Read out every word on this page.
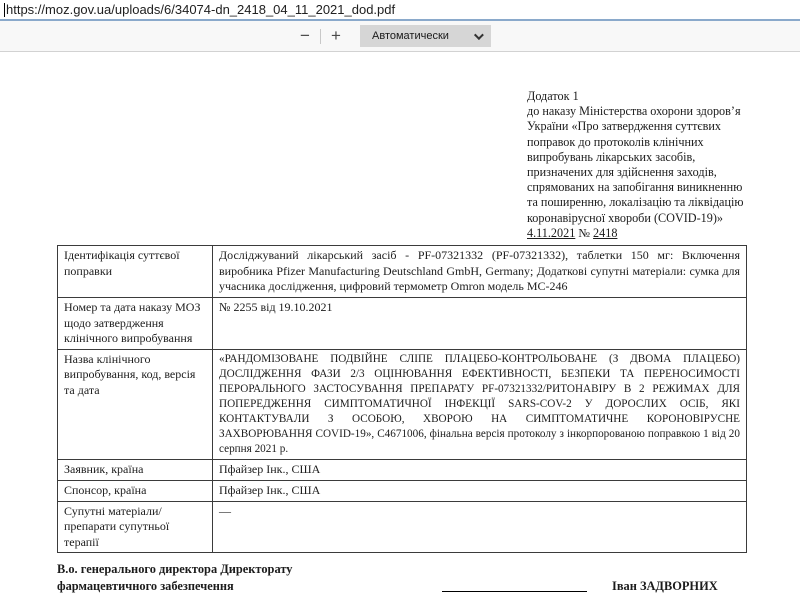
https://moz.gov.ua/uploads/6/34074-dn_2418_04_11_2021_dod.pdf
−	+	Автоматически
Додаток 1
до наказу Міністерства охорони здоров’я
України «Про затвердження суттєвих
поправок до протоколів клінічних
випробувань лікарських засобів,
призначених для здійснення заходів,
спрямованих на запобігання виникненню
та поширенню, локалізацію та ліквідацію
коронавірусної хвороби (COVID-19)»
4.11.2021 № 2418
Ідентифікація суттєвої поправки	Досліджуваний лікарський засіб - PF-07321332 (PF-07321332), таблетки 150 мг: Включення виробника Pfizer Manufacturing Deutschland GmbH, Germany; Додаткові супутні матеріали: сумка для учасника дослідження, цифровий термометр Omron модель MC-246
Номер та дата наказу МОЗ щодо затвердження клінічного випробування	№ 2255 від 19.10.2021
Назва клінічного випробування, код, версія та дата	«РАНДОМІЗОВАНЕ ПОДВІЙНЕ СЛІПЕ ПЛАЦЕБО-КОНТРОЛЬОВАНЕ (З ДВОМА ПЛАЦЕБО) ДОСЛІДЖЕННЯ ФАЗИ 2/3 ОЦІНЮВАННЯ ЕФЕКТИВНОСТІ, БЕЗПЕКИ ТА ПЕРЕНОСИМОСТІ ПЕРОРАЛЬНОГО ЗАСТОСУВАННЯ ПРЕПАРАТУ PF-07321332/РИТОНАВІРУ В 2 РЕЖИМАХ ДЛЯ ПОПЕРЕДЖЕННЯ СИМПТОМАТИЧНОЇ ІНФЕКЦІЇ SARS-COV-2 У ДОРОСЛИХ ОСІБ, ЯКІ КОНТАКТУВАЛИ З ОСОБОЮ, ХВОРОЮ НА СИМПТОМАТИЧНЕ КОРОНОВІРУСНЕ ЗАХВОРЮВАННЯ COVID-19», C4671006, фінальна версія протоколу з інкорпорованою поправкою 1 від 20 серпня 2021 р.
Заявник, країна	Пфайзер Інк., США
Спонсор, країна	Пфайзер Інк., США
Супутні матеріали/препарати супутньої терапії	—
В.о. генерального директора Директорату
фармацевтичного забезпечення	Іван ЗАДВОРНИХ
